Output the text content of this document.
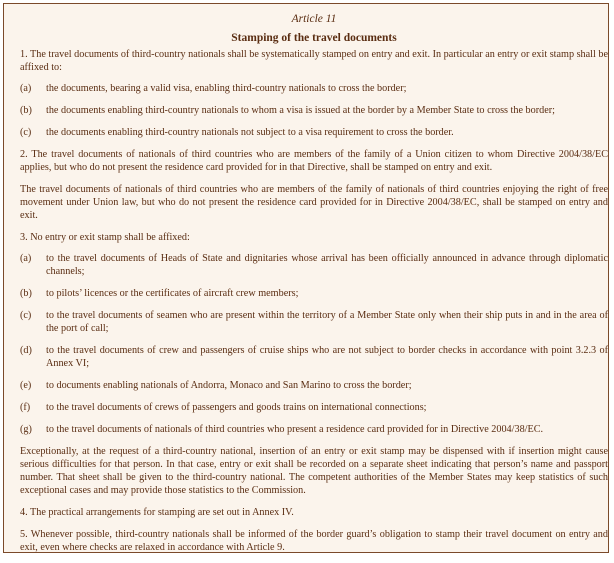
Article 11
Stamping of the travel documents
1. The travel documents of third-country nationals shall be systematically stamped on entry and exit. In particular an entry or exit stamp shall be affixed to:
(a)	the documents, bearing a valid visa, enabling third-country nationals to cross the border;
(b)	the documents enabling third-country nationals to whom a visa is issued at the border by a Member State to cross the border;
(c)	the documents enabling third-country nationals not subject to a visa requirement to cross the border.
2. The travel documents of nationals of third countries who are members of the family of a Union citizen to whom Directive 2004/38/EC applies, but who do not present the residence card provided for in that Directive, shall be stamped on entry and exit.
The travel documents of nationals of third countries who are members of the family of nationals of third countries enjoying the right of free movement under Union law, but who do not present the residence card provided for in Directive 2004/38/EC, shall be stamped on entry and exit.
3. No entry or exit stamp shall be affixed:
(a)	to the travel documents of Heads of State and dignitaries whose arrival has been officially announced in advance through diplomatic channels;
(b)	to pilots’ licences or the certificates of aircraft crew members;
(c)	to the travel documents of seamen who are present within the territory of a Member State only when their ship puts in and in the area of the port of call;
(d)	to the travel documents of crew and passengers of cruise ships who are not subject to border checks in accordance with point 3.2.3 of Annex VI;
(e)	to documents enabling nationals of Andorra, Monaco and San Marino to cross the border;
(f)	to the travel documents of crews of passengers and goods trains on international connections;
(g)	to the travel documents of nationals of third countries who present a residence card provided for in Directive 2004/38/EC.
Exceptionally, at the request of a third-country national, insertion of an entry or exit stamp may be dispensed with if insertion might cause serious difficulties for that person. In that case, entry or exit shall be recorded on a separate sheet indicating that person’s name and passport number. That sheet shall be given to the third-country national. The competent authorities of the Member States may keep statistics of such exceptional cases and may provide those statistics to the Commission.
4. The practical arrangements for stamping are set out in Annex IV.
5. Whenever possible, third-country nationals shall be informed of the border guard’s obligation to stamp their travel document on entry and exit, even where checks are relaxed in accordance with Article 9.
